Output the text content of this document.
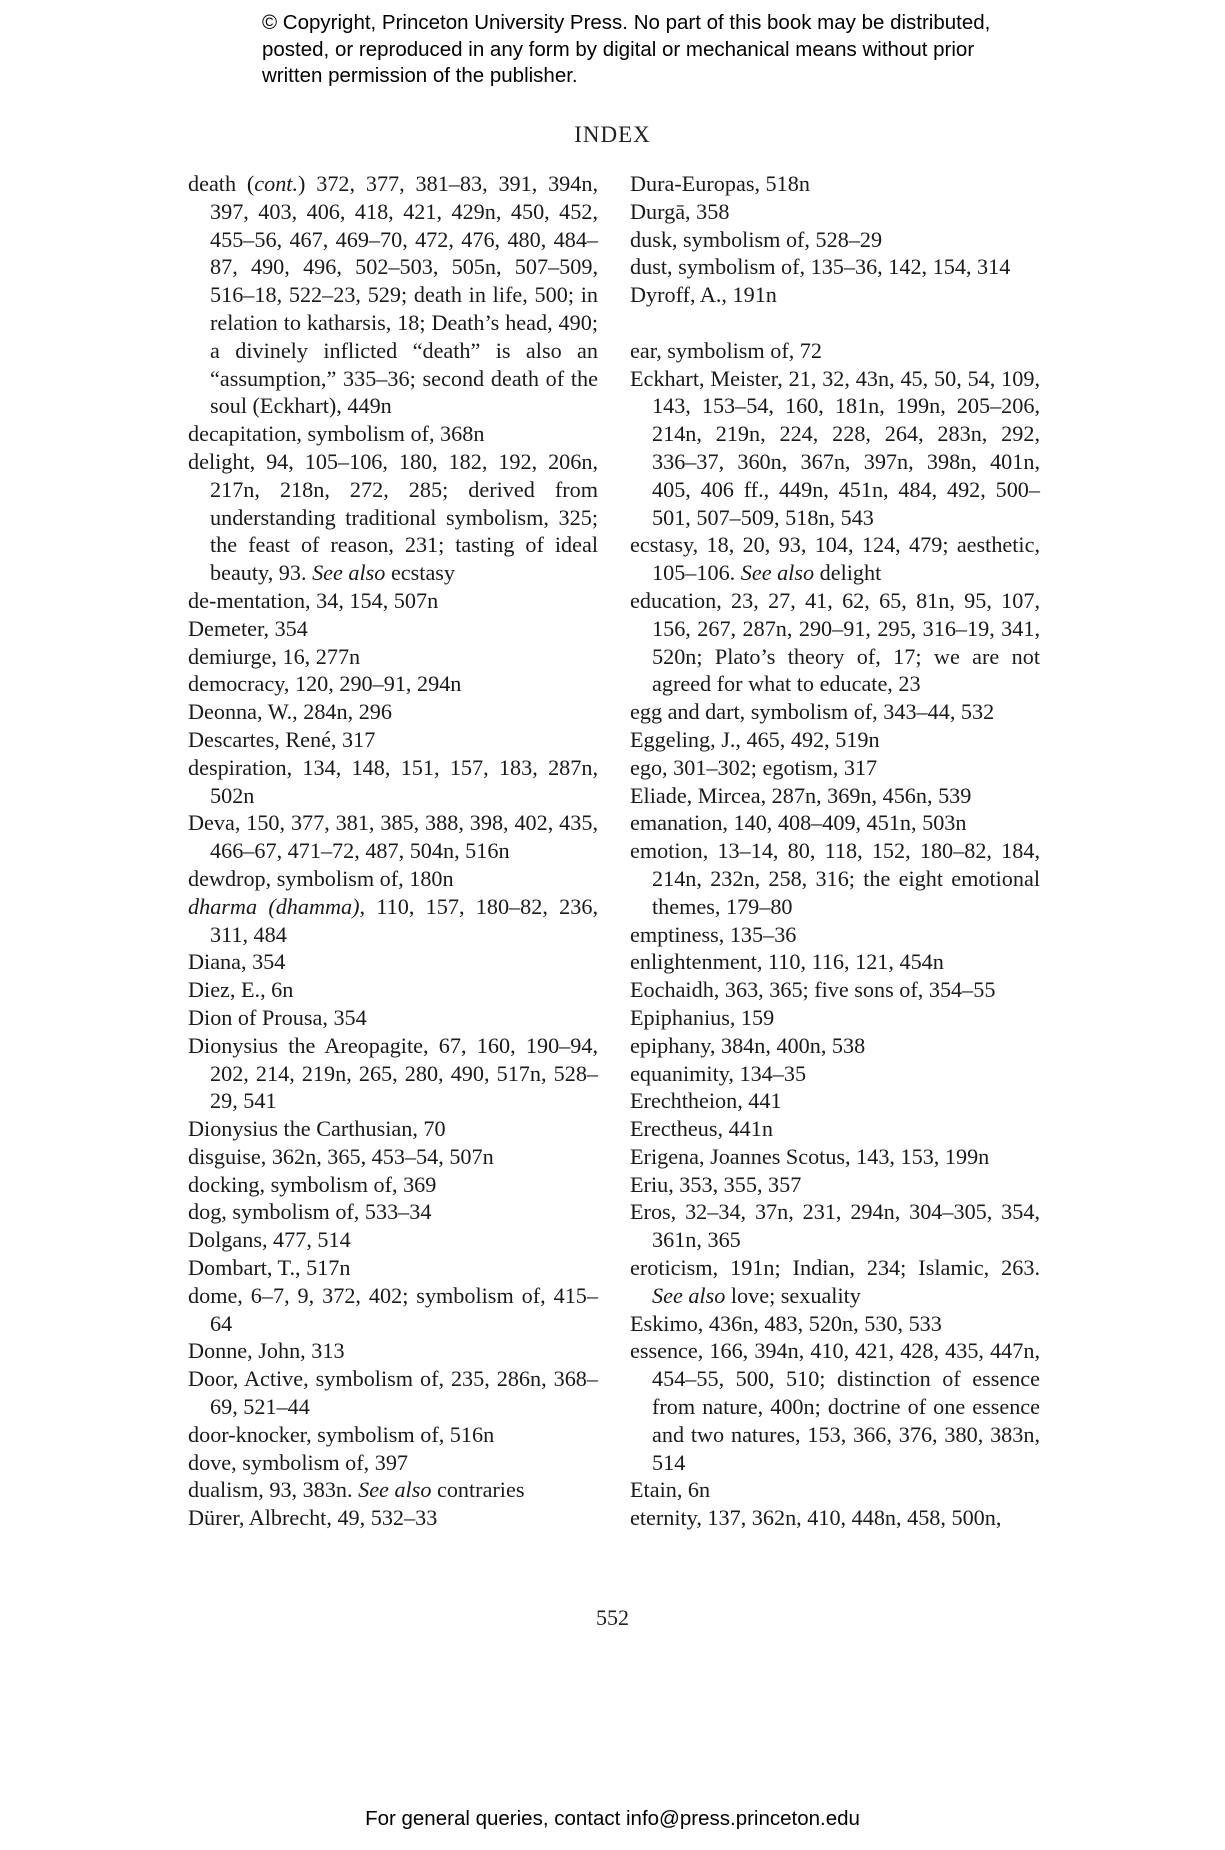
© Copyright, Princeton University Press. No part of this book may be distributed, posted, or reproduced in any form by digital or mechanical means without prior written permission of the publisher.
INDEX
death (cont.) 372, 377, 381–83, 391, 394n, 397, 403, 406, 418, 421, 429n, 450, 452, 455–56, 467, 469–70, 472, 476, 480, 484–87, 490, 496, 502–503, 505n, 507–509, 516–18, 522–23, 529; death in life, 500; in relation to katharsis, 18; Death’s head, 490; a divinely inflicted “death” is also an “assumption,” 335–36; second death of the soul (Eckhart), 449n
decapitation, symbolism of, 368n
delight, 94, 105–106, 180, 182, 192, 206n, 217n, 218n, 272, 285; derived from understanding traditional symbolism, 325; the feast of reason, 231; tasting of ideal beauty, 93. See also ecstasy
de-mentation, 34, 154, 507n
Demeter, 354
demiurge, 16, 277n
democracy, 120, 290–91, 294n
Deonna, W., 284n, 296
Descartes, René, 317
despiration, 134, 148, 151, 157, 183, 287n, 502n
Deva, 150, 377, 381, 385, 388, 398, 402, 435, 466–67, 471–72, 487, 504n, 516n
dewdrop, symbolism of, 180n
dharma (dhamma), 110, 157, 180–82, 236, 311, 484
Diana, 354
Diez, E., 6n
Dion of Prousa, 354
Dionysius the Areopagite, 67, 160, 190–94, 202, 214, 219n, 265, 280, 490, 517n, 528–29, 541
Dionysius the Carthusian, 70
disguise, 362n, 365, 453–54, 507n
docking, symbolism of, 369
dog, symbolism of, 533–34
Dolgans, 477, 514
Dombart, T., 517n
dome, 6–7, 9, 372, 402; symbolism of, 415–64
Donne, John, 313
Door, Active, symbolism of, 235, 286n, 368–69, 521–44
door-knocker, symbolism of, 516n
dove, symbolism of, 397
dualism, 93, 383n. See also contraries
Dürer, Albrecht, 49, 532–33
Dura-Europas, 518n
Durgā, 358
dusk, symbolism of, 528–29
dust, symbolism of, 135–36, 142, 154, 314
Dyroff, A., 191n
ear, symbolism of, 72
Eckhart, Meister, 21, 32, 43n, 45, 50, 54, 109, 143, 153–54, 160, 181n, 199n, 205–206, 214n, 219n, 224, 228, 264, 283n, 292, 336–37, 360n, 367n, 397n, 398n, 401n, 405, 406 ff., 449n, 451n, 484, 492, 500–501, 507–509, 518n, 543
ecstasy, 18, 20, 93, 104, 124, 479; aesthetic, 105–106. See also delight
education, 23, 27, 41, 62, 65, 81n, 95, 107, 156, 267, 287n, 290–91, 295, 316–19, 341, 520n; Plato’s theory of, 17; we are not agreed for what to educate, 23
egg and dart, symbolism of, 343–44, 532
Eggeling, J., 465, 492, 519n
ego, 301–302; egotism, 317
Eliade, Mircea, 287n, 369n, 456n, 539
emanation, 140, 408–409, 451n, 503n
emotion, 13–14, 80, 118, 152, 180–82, 184, 214n, 232n, 258, 316; the eight emotional themes, 179–80
emptiness, 135–36
enlightenment, 110, 116, 121, 454n
Eochaidh, 363, 365; five sons of, 354–55
Epiphanius, 159
epiphany, 384n, 400n, 538
equanimity, 134–35
Erechtheion, 441
Erectheus, 441n
Erigena, Joannes Scotus, 143, 153, 199n
Eriu, 353, 355, 357
Eros, 32–34, 37n, 231, 294n, 304–305, 354, 361n, 365
eroticism, 191n; Indian, 234; Islamic, 263. See also love; sexuality
Eskimo, 436n, 483, 520n, 530, 533
essence, 166, 394n, 410, 421, 428, 435, 447n, 454–55, 500, 510; distinction of essence from nature, 400n; doctrine of one essence and two natures, 153, 366, 376, 380, 383n, 514
Etain, 6n
eternity, 137, 362n, 410, 448n, 458, 500n,
552
For general queries, contact info@press.princeton.edu
